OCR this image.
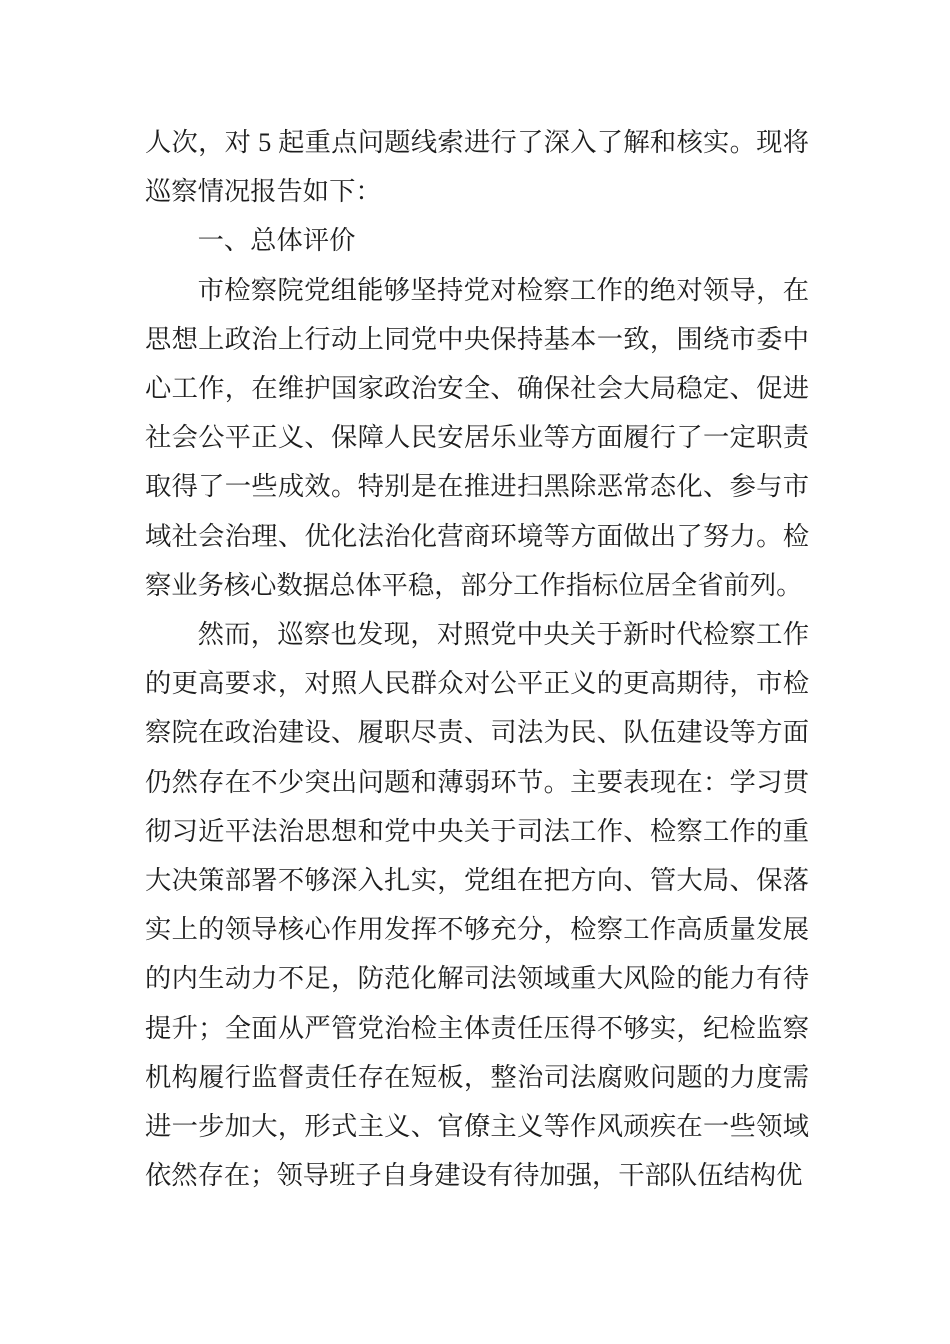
人次，对 5 起重点问题线索进行了深入了解和核实。现将巡察情况报告如下：

一、总体评价

市检察院党组能够坚持党对检察工作的绝对领导，在思想上政治上行动上同党中央保持基本一致，围绕市委中心工作，在维护国家政治安全、确保社会大局稳定、促进社会公平正义、保障人民安居乐业等方面履行了一定职责取得了一些成效。特别是在推进扫黑除恶常态化、参与市域社会治理、优化法治化营商环境等方面做出了努力。检察业务核心数据总体平稳，部分工作指标位居全省前列。

然而，巡察也发现，对照党中央关于新时代检察工作的更高要求，对照人民群众对公平正义的更高期待，市检察院在政治建设、履职尽责、司法为民、队伍建设等方面仍然存在不少突出问题和薄弱环节。主要表现在：学习贯彻习近平法治思想和党中央关于司法工作、检察工作的重大决策部署不够深入扎实，党组在把方向、管大局、保落实上的领导核心作用发挥不够充分，检察工作高质量发展的内生动力不足，防范化解司法领域重大风险的能力有待提升；全面从严管党治检主体责任压得不够实，纪检监察机构履行监督责任存在短板，整治司法腐败问题的力度需进一步加大，形式主义、官僚主义等作风顽疾在一些领域依然存在；领导班子自身建设有待加强，干部队伍结构优
